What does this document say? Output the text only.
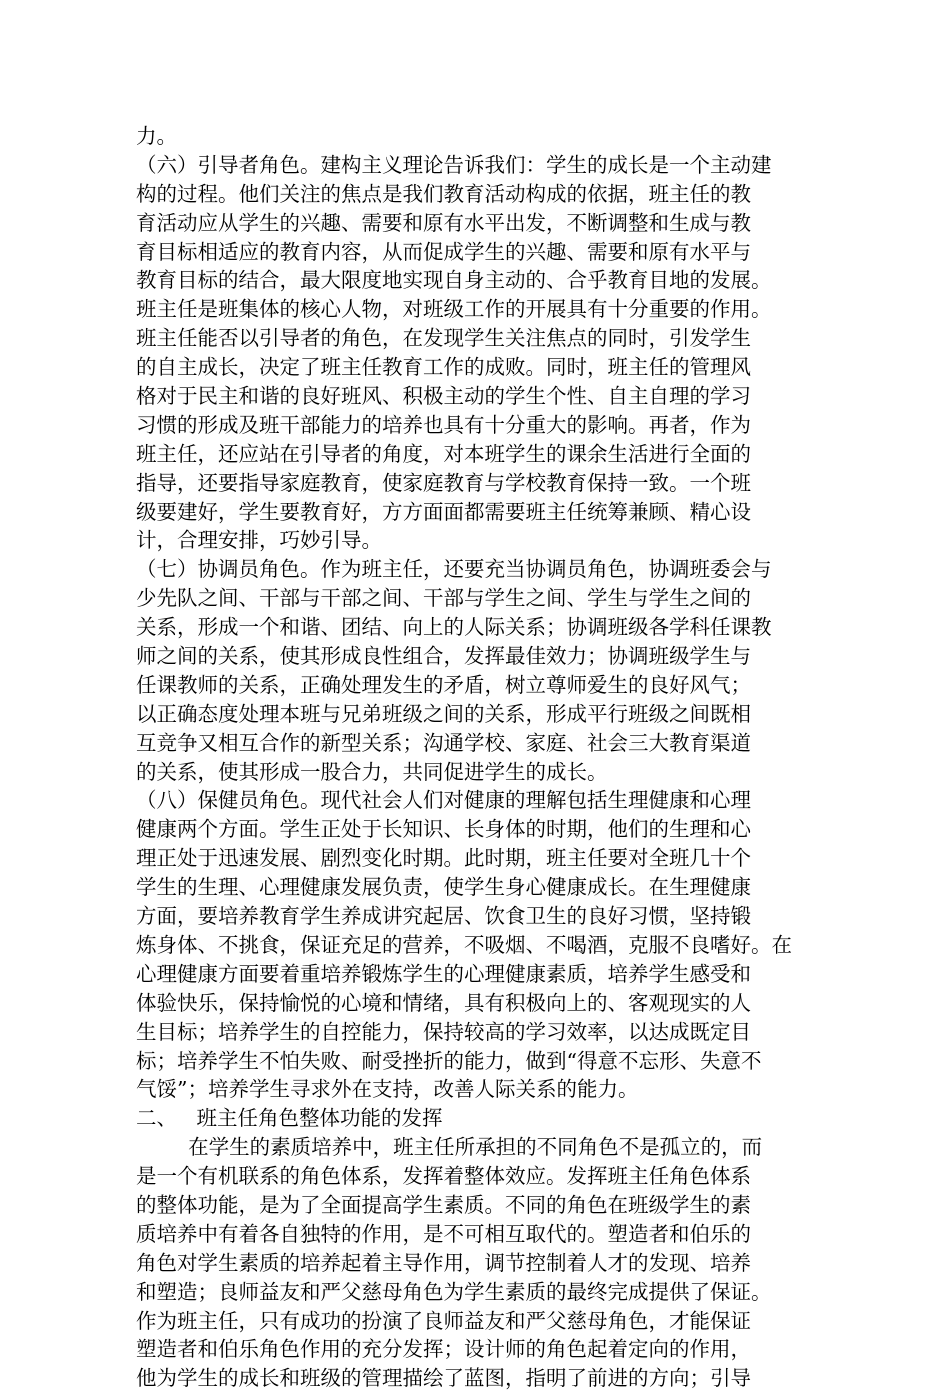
力。
（六）引导者角色。建构主义理论告诉我们：学生的成长是一个主动建
构的过程。他们关注的焦点是我们教育活动构成的依据，班主任的教
育活动应从学生的兴趣、需要和原有水平出发，不断调整和生成与教
育目标相适应的教育内容，从而促成学生的兴趣、需要和原有水平与
教育目标的结合，最大限度地实现自身主动的、合乎教育目地的发展。
班主任是班集体的核心人物，对班级工作的开展具有十分重要的作用。
班主任能否以引导者的角色，在发现学生关注焦点的同时，引发学生
的自主成长，决定了班主任教育工作的成败。同时，班主任的管理风
格对于民主和谐的良好班风、积极主动的学生个性、自主自理的学习
习惯的形成及班干部能力的培养也具有十分重大的影响。再者，作为
班主任，还应站在引导者的角度，对本班学生的课余生活进行全面的
指导，还要指导家庭教育，使家庭教育与学校教育保持一致。一个班
级要建好，学生要教育好，方方面面都需要班主任统筹兼顾、精心设
计，合理安排，巧妙引导。
（七）协调员角色。作为班主任，还要充当协调员角色，协调班委会与
少先队之间、干部与干部之间、干部与学生之间、学生与学生之间的
关系，形成一个和谐、团结、向上的人际关系；协调班级各学科任课教
师之间的关系，使其形成良性组合，发挥最佳效力；协调班级学生与
任课教师的关系，正确处理发生的矛盾，树立尊师爱生的良好风气；
以正确态度处理本班与兄弟班级之间的关系，形成平行班级之间既相
互竞争又相互合作的新型关系；沟通学校、家庭、社会三大教育渠道
的关系，使其形成一股合力，共同促进学生的成长。
（八）保健员角色。现代社会人们对健康的理解包括生理健康和心理
健康两个方面。学生正处于长知识、长身体的时期，他们的生理和心
理正处于迅速发展、剧烈变化时期。此时期，班主任要对全班几十个
学生的生理、心理健康发展负责，使学生身心健康成长。在生理健康
方面，要培养教育学生养成讲究起居、饮食卫生的良好习惯，坚持锻
炼身体、不挑食，保证充足的营养，不吸烟、不喝酒，克服不良嗜好。在
心理健康方面要着重培养锻炼学生的心理健康素质，培养学生感受和
体验快乐，保持愉悦的心境和情绪，具有积极向上的、客观现实的人
生目标；培养学生的自控能力，保持较高的学习效率，以达成既定目
标；培养学生不怕失败、耐受挫折的能力，做到“得意不忘形、失意不
气馁”；培养学生寻求外在支持，改善人际关系的能力。
二、   班主任角色整体功能的发挥
在学生的素质培养中，班主任所承担的不同角色不是孤立的，而
是一个有机联系的角色体系，发挥着整体效应。发挥班主任角色体系
的整体功能，是为了全面提高学生素质。不同的角色在班级学生的素
质培养中有着各自独特的作用，是不可相互取代的。塑造者和伯乐的
角色对学生素质的培养起着主导作用，调节控制着人才的发现、培养
和塑造；良师益友和严父慈母角色为学生素质的最终完成提供了保证。
作为班主任，只有成功的扮演了良师益友和严父慈母角色，才能保证
塑造者和伯乐角色作用的充分发挥；设计师的角色起着定向的作用，
他为学生的成长和班级的管理描绘了蓝图，指明了前进的方向；引导
